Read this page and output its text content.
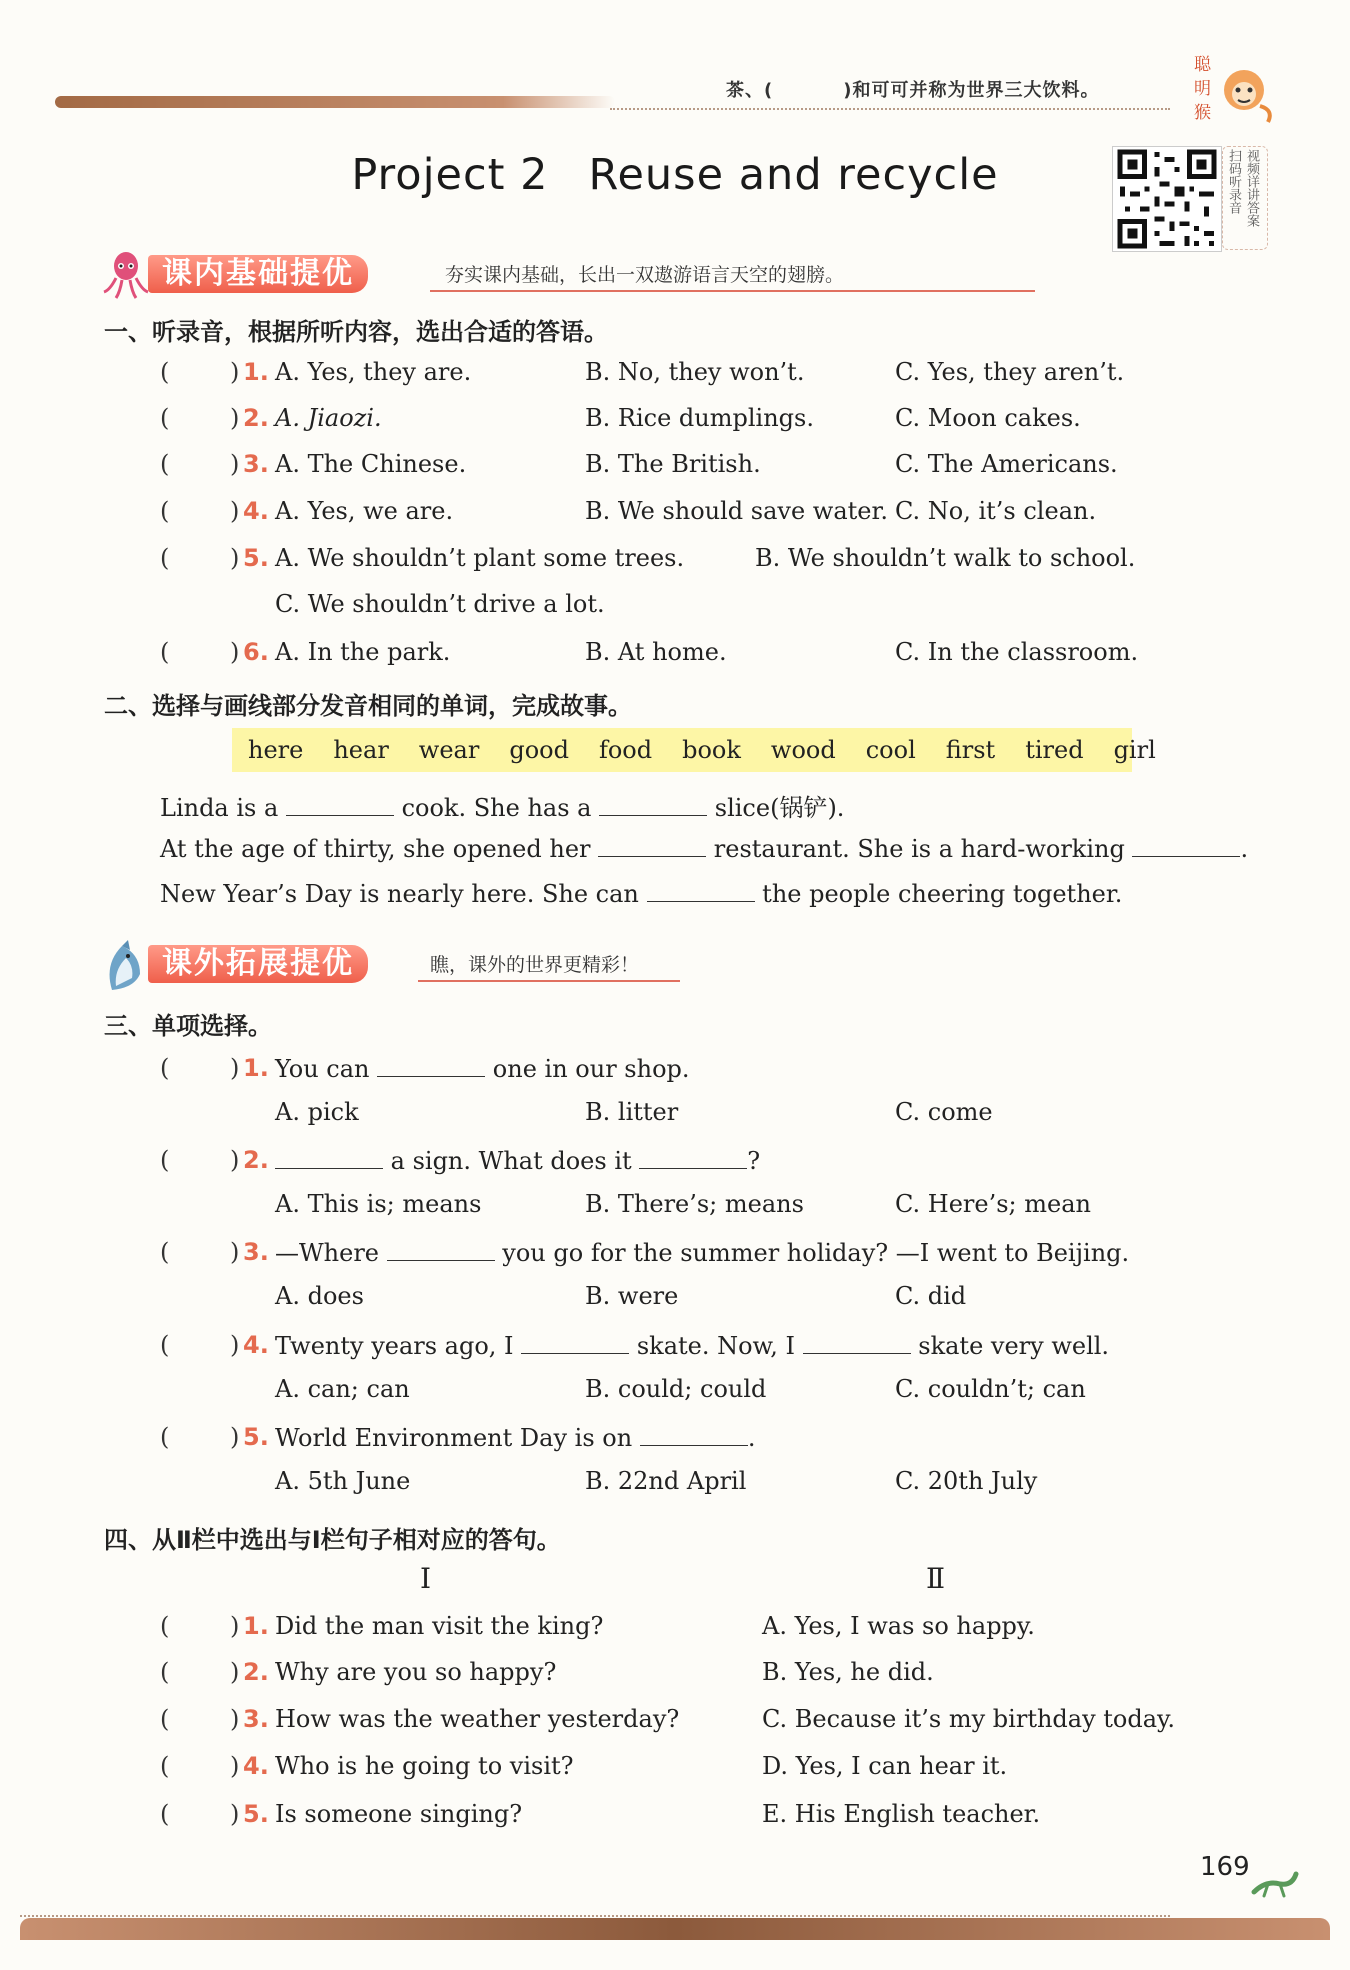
茶、(	)和可可并称为世界三大饮料。
聪
明
猴
Project 2 Reuse and recycle	扫码听录音 视频详讲答案
课内基础提优	夯实课内基础，长出一双遨游语言天空的翅膀。
一、听录音，根据所听内容，选出合适的答语。
(	) 1. A. Yes, they are.	B. No, they won’t.	C. Yes, they aren’t.
(	) 2. A. Jiaozi.	B. Rice dumplings.	C. Moon cakes.
(	) 3. A. The Chinese.	B. The British.	C. The Americans.
(	) 4. A. Yes, we are.	B. We should save water. C. No, it’s clean.
(	) 5. A. We shouldn’t plant some trees.	B. We shouldn’t walk to school.
C. We shouldn’t drive a lot.
(	) 6. A. In the park.	B. At home.	C. In the classroom.
二、选择与画线部分发音相同的单词，完成故事。
here hear wear good food book wood cool first tired girl
Linda is a	cook. She has a	slice(锅铲).
At the age of thirty, she opened her	restaurant. She is a hard-working	.
New Year’s Day is nearly here. She can	the people cheering together.
课外拓展提优	瞧，课外的世界更精彩！
三、单项选择。
(	) 1. You can	one in our shop.
A. pick	B. litter	C. come
(	) 2.	a sign. What does it	?
A. This is; means	B. There’s; means	C. Here’s; mean
(	) 3. —Where	you go for the summer holiday? —I went to Beijing.
A. does	B. were	C. did
(	) 4. Twenty years ago, I	skate. Now, I	skate very well.
A. can; can	B. could; could	C. couldn’t; can
(	) 5. World Environment Day is on	.
A. 5th June	B. 22nd April	C. 20th July
四、从Ⅱ栏中选出与Ⅰ栏句子相对应的答句。
Ⅰ	Ⅱ
(	) 1. Did the man visit the king?	A. Yes, I was so happy.
(	) 2. Why are you so happy?	B. Yes, he did.
(	) 3. How was the weather yesterday?	C. Because it’s my birthday today.
(	) 4. Who is he going to visit?	D. Yes, I can hear it.
(	) 5. Is someone singing?	E. His English teacher.
169
